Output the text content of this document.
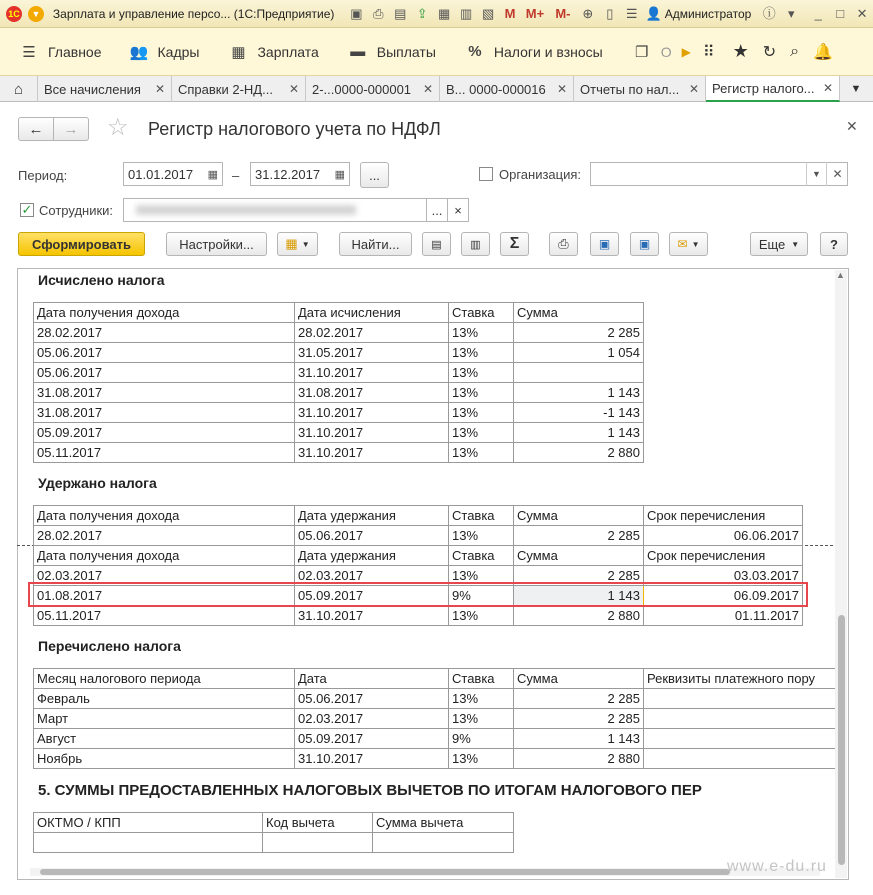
1С	▼ Зарплата и управление персо... (1С:Предприятие) ▣ ⎙ ▤ ⇪ ▦ ▥ ▧ M M+ M- ⊕ ▯ ☰ 👤 Администратор ⓘ ▾	_	□ ✕
☰ Главное 👥 Кадры ▦ Зарплата ▬ Выплаты % Налоги и взносы ❐ О ▶ ⠿ ★ ↻ ⌕ 🔔
⌂ Все начисления	✕ Справки 2-НД...	✕ 2-...0000-000001 ✕ В... 0000-000016 ✕ Отчеты по нал... ✕ Регистр налого... ✕ ▼
← → ☆ Регистр налогового учета по НДФЛ	✕
Период:	01.01.2017 ▦ – 31.12.2017 ▦	...	Организация:	▼ ✕
✓ Сотрудники:	... ×
Сформировать	Настройки...	▦ ▼	Найти...	▤	▥ Σ	⎙	▣ ▣ ✉ ▼	Еще ▼	?
Исчислено налога
Дата получения дохода	Дата исчисления	Ставка	Сумма
28.02.2017	28.02.2017	13%	2 285
05.06.2017	31.05.2017	13%	1 054
05.06.2017	31.10.2017	13%	
31.08.2017	31.08.2017	13%	1 143
31.08.2017	31.10.2017	13%	-1 143
05.09.2017	31.10.2017	13%	1 143
05.11.2017	31.10.2017	13%	2 880
Удержано налога
Дата получения дохода	Дата удержания	Ставка	Сумма	Срок перечисления
28.02.2017	05.06.2017	13%	2 285	06.06.2017
Дата получения дохода	Дата удержания	Ставка	Сумма	Срок перечисления
02.03.2017	02.03.2017	13%	2 285	03.03.2017
01.08.2017	05.09.2017	9%	1 143	06.09.2017
05.11.2017	31.10.2017	13%	2 880	01.11.2017
Перечислено налога
Месяц налогового периода	Дата	Ставка	Сумма	Реквизиты платежного пору
Февраль	05.06.2017	13%	2 285	
Март	02.03.2017	13%	2 285	
Август	05.09.2017	9%	1 143	
Ноябрь	31.10.2017	13%	2 880	
5. СУММЫ ПРЕДОСТАВЛЕННЫХ НАЛОГОВЫХ ВЫЧЕТОВ ПО ИТОГАМ НАЛОГОВОГО ПЕР
ОКТМО / КПП	Код вычета	Сумма вычета

▲
www.e-du.ru
